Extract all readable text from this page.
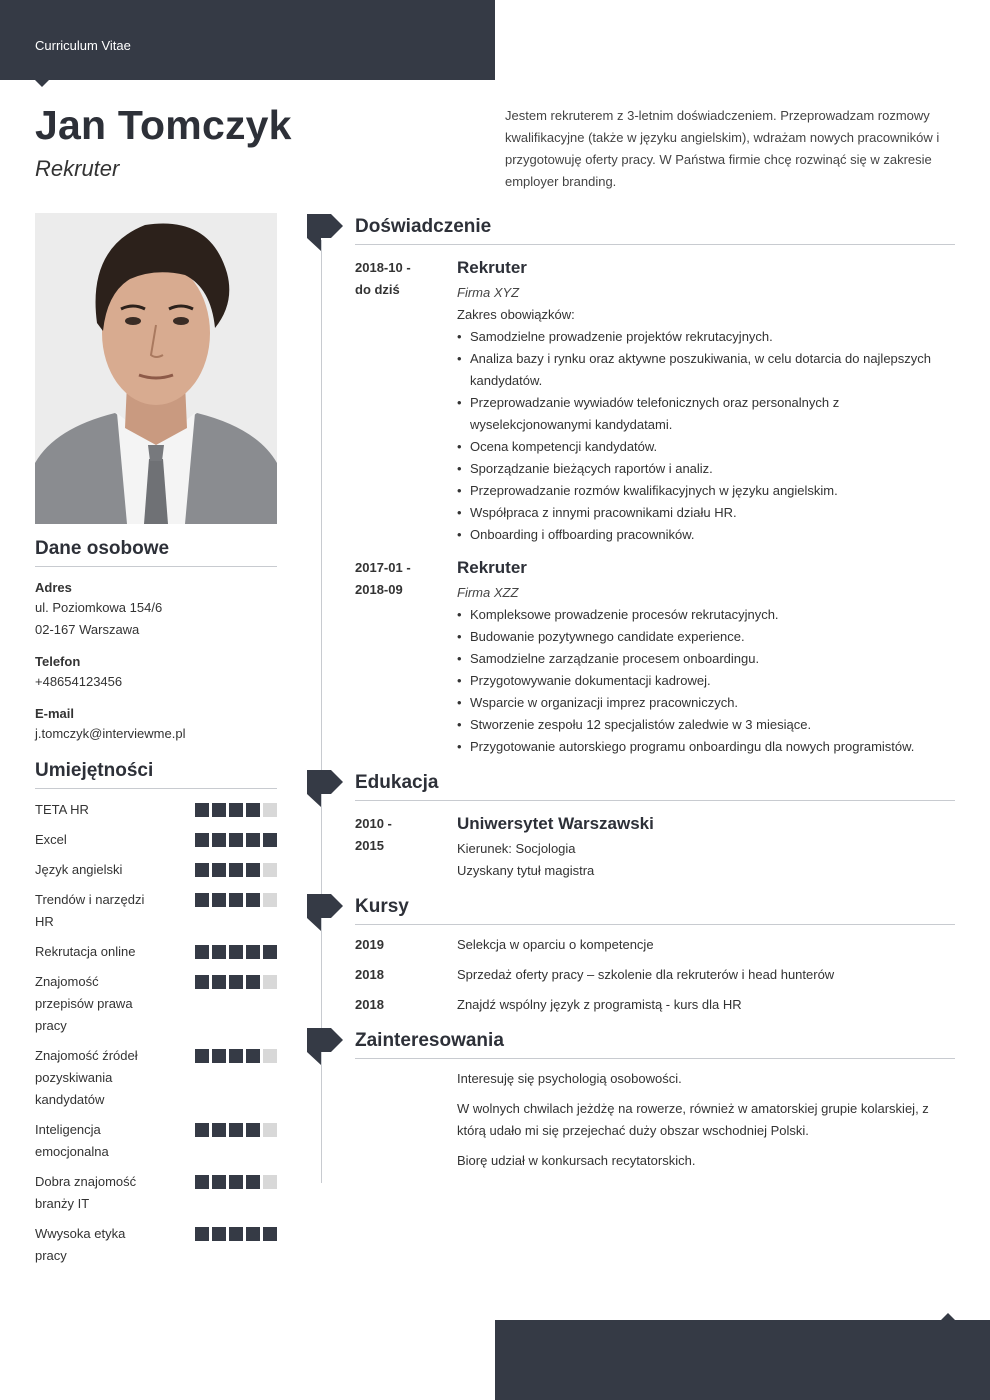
Curriculum Vitae
Jan Tomczyk
Rekruter
Jestem rekruterem z 3-letnim doświadczeniem. Przeprowadzam rozmowy kwalifikacyjne (także w języku angielskim), wdrażam nowych pracowników i przygotowuję oferty pracy. W Państwa firmie chcę rozwinąć się w zakresie employer branding.
Dane osobowe
Adres
ul. Poziomkowa 154/6
02-167 Warszawa
Telefon
+48654123456
E-mail
j.tomczyk@interviewme.pl
Umiejętności
TETA HR
Excel
Język angielski
Trendów i narzędzi HR
Rekrutacja online
Znajomość przepisów prawa pracy
Znajomość źródeł pozyskiwania kandydatów
Inteligencja emocjonalna
Dobra znajomość branży IT
Wwysoka etyka pracy
Doświadczenie
2018-10 -
do dziś
Rekruter
Firma XYZ
Zakres obowiązków:
• Samodzielne prowadzenie projektów rekrutacyjnych.
• Analiza bazy i rynku oraz aktywne poszukiwania, w celu dotarcia do najlepszych kandydatów.
• Przeprowadzanie wywiadów telefonicznych oraz personalnych z wyselekcjonowanymi kandydatami.
• Ocena kompetencji kandydatów.
• Sporządzanie bieżących raportów i analiz.
• Przeprowadzanie rozmów kwalifikacyjnych w języku angielskim.
• Współpraca z innymi pracownikami działu HR.
• Onboarding i offboarding pracowników.
2017-01 -
2018-09
Rekruter
Firma XZZ
• Kompleksowe prowadzenie procesów rekrutacyjnych.
• Budowanie pozytywnego candidate experience.
• Samodzielne zarządzanie procesem onboardingu.
• Przygotowywanie dokumentacji kadrowej.
• Wsparcie w organizacji imprez pracowniczych.
• Stworzenie zespołu 12 specjalistów zaledwie w 3 miesiące.
• Przygotowanie autorskiego programu onboardingu dla nowych programistów.
Edukacja
2010 -
2015
Uniwersytet Warszawski
Kierunek: Socjologia
Uzyskany tytuł magistra
Kursy
2019	Selekcja w oparciu o kompetencje
2018	Sprzedaż oferty pracy – szkolenie dla rekruterów i head hunterów
2018	Znajdź wspólny język z programistą - kurs dla HR
Zainteresowania
Interesuję się psychologią osobowości.
W wolnych chwilach jeżdżę na rowerze, również w amatorskiej grupie kolarskiej, z którą udało mi się przejechać duży obszar wschodniej Polski.
Biorę udział w konkursach recytatorskich.
